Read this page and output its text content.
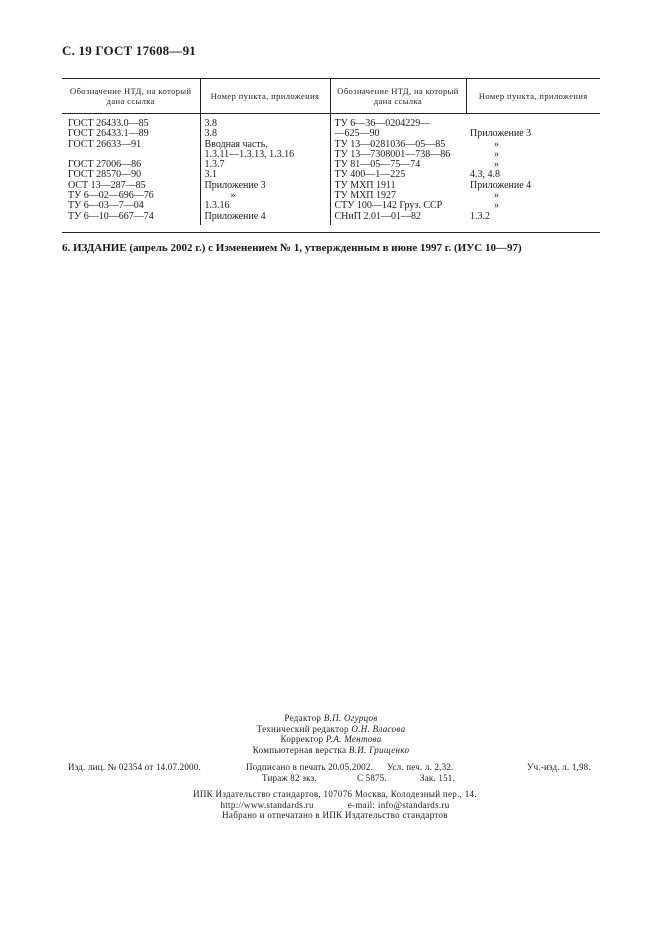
С. 19 ГОСТ 17608—91
Обозначение НТД, на который дана ссылка	Номер пункта, приложения	Обозначение НТД, на который дана ссылка	Номер пункта, приложения
ГОСТ 26433.0—85	3.8	ТУ 6—36—0204229—	
ГОСТ 26433.1—89	3.8	—625—90	Приложение 3
ГОСТ 26633—91	Вводная часть,	ТУ 13—0281036—05—85	»
	1.3.11—1.3.13, 1.3.16	ТУ 13—7308001—738—86	»
ГОСТ 27006—86	1.3.7	ТУ 81—05—75—74	»
ГОСТ 28570—90	3.1	ТУ 400—1—225	4.3, 4.8
ОСТ 13—287—85	Приложение 3	ТУ МХП 1911	Приложение 4
ТУ 6—02—696—76	»	ТУ МХП 1927	»
ТУ 6—03—7—04	1.3.16	СТУ 100—142 Груз. ССР	»
ТУ 6—10—667—74	Приложение 4	СНиП 2.01—01—82	1.3.2
6. ИЗДАНИЕ (апрель 2002 г.) с Изменением № 1, утвержденным в июне 1997 г. (ИУС 10—97)
Редактор В.П. Огурцов
Технический редактор О.Н. Власова
Корректор Р.А. Ментова
Компьютерная верстка В.И. Грищенко
Изд. лиц. № 02354 от 14.07.2000.	Подписано в печать 20.05.2002. Усл. печ. л. 2,32.	Уч.-изд. л. 1,98.
Тираж 82 экз.	С 5875.	Зак. 151.
ИПК Издательство стандартов, 107076 Москва, Колодезный пер., 14.
http://www.standards.ru	e-mail: info@standards.ru
Набрано и отпечатано в ИПК Издательство стандартов
